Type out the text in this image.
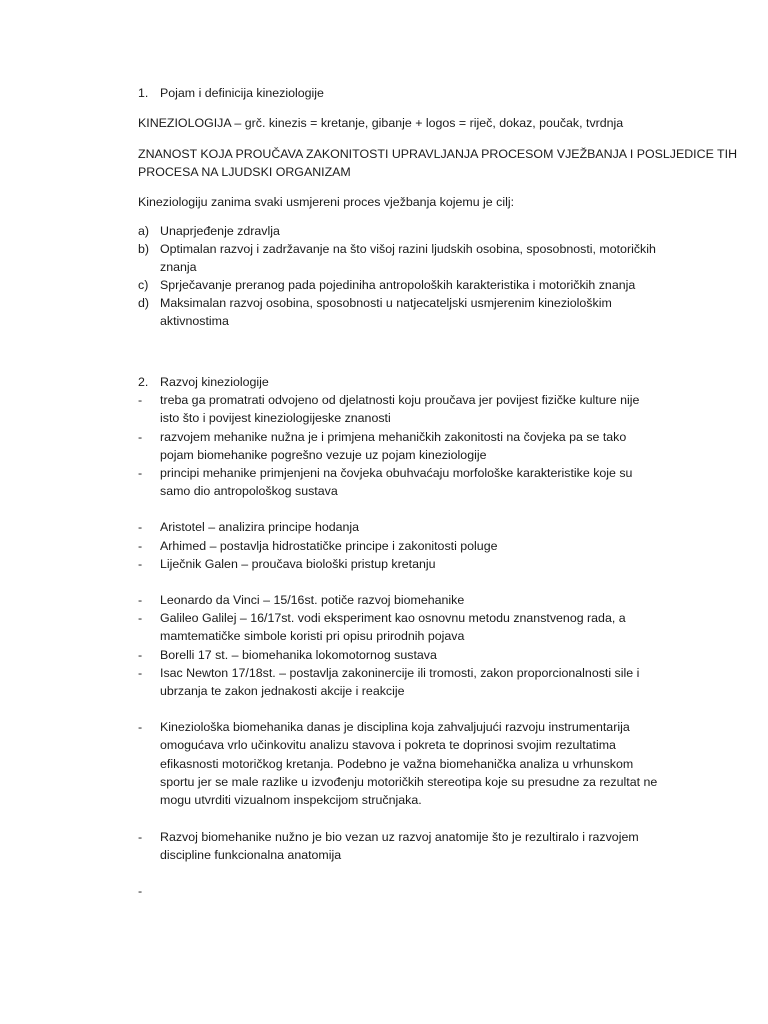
1. Pojam i definicija kineziologije
KINEZIOLOGIJA – grč. kinezis = kretanje, gibanje + logos = riječ, dokaz, poučak, tvrdnja
ZNANOST KOJA PROUČAVA ZAKONITOSTI UPRAVLJANJA PROCESOM VJEŽBANJA I POSLJEDICE TIH
PROCESA NA LJUDSKI ORGANIZAM
Kineziologiju zanima svaki usmjereni proces vježbanja kojemu je cilj:
a) Unaprjeđenje zdravlja
b) Optimalan razvoj i zadržavanje na što višoj razini ljudskih osobina, sposobnosti, motoričkih znanja
c) Sprječavanje preranog pada pojediniha antropoloških karakteristika i motoričkih znanja
d) Maksimalan razvoj osobina, sposobnosti u natjecateljski usmjerenim kineziološkim aktivnostima
2. Razvoj kineziologije
- treba ga promatrati odvojeno od djelatnosti koju proučava jer povijest fizičke kulture nije isto što i povijest kineziologijeske znanosti
- razvojem mehanike nužna je i primjena mehaničkih zakonitosti na čovjeka pa se tako pojam biomehanike pogrešno vezuje uz pojam kineziologije
- principi mehanike primjenjeni na čovjeka obuhvaćaju morfološke karakteristike koje su samo dio antropološkog sustava
- Aristotel – analizira principe hodanja
- Arhimed – postavlja hidrostatičke principe i zakonitosti poluge
- Liječnik Galen – proučava biološki pristup kretanju
- Leonardo da Vinci – 15/16st. potiče razvoj biomehanike
- Galileo Galilej – 16/17st. vodi eksperiment kao osnovnu metodu znanstvenog rada, a mamtematičke simbole koristi pri opisu prirodnih pojava
- Borelli 17 st. – biomehanika lokomotornog sustava
- Isac Newton 17/18st. – postavlja zakoninercije ili tromosti, zakon proporcionalnosti sile i ubrzanja te zakon jednakosti akcije i reakcije
- Kineziološka biomehanika danas je disciplina koja zahvaljujući razvoju instrumentarija omogućava vrlo učinkovitu analizu stavova i pokreta te doprinosi svojim rezultatima efikasnosti motoričkog kretanja. Podebno je važna biomehanička analiza u vrhunskom sportu jer se male razlike u izvođenju motoričkih stereotipa koje su presudne za rezultat ne mogu utvrditi vizualnom inspekcijom stručnjaka.
- Razvoj biomehanike nužno je bio vezan uz razvoj anatomije što je rezultiralo i razvojem discipline funkcionalna anatomija
-
